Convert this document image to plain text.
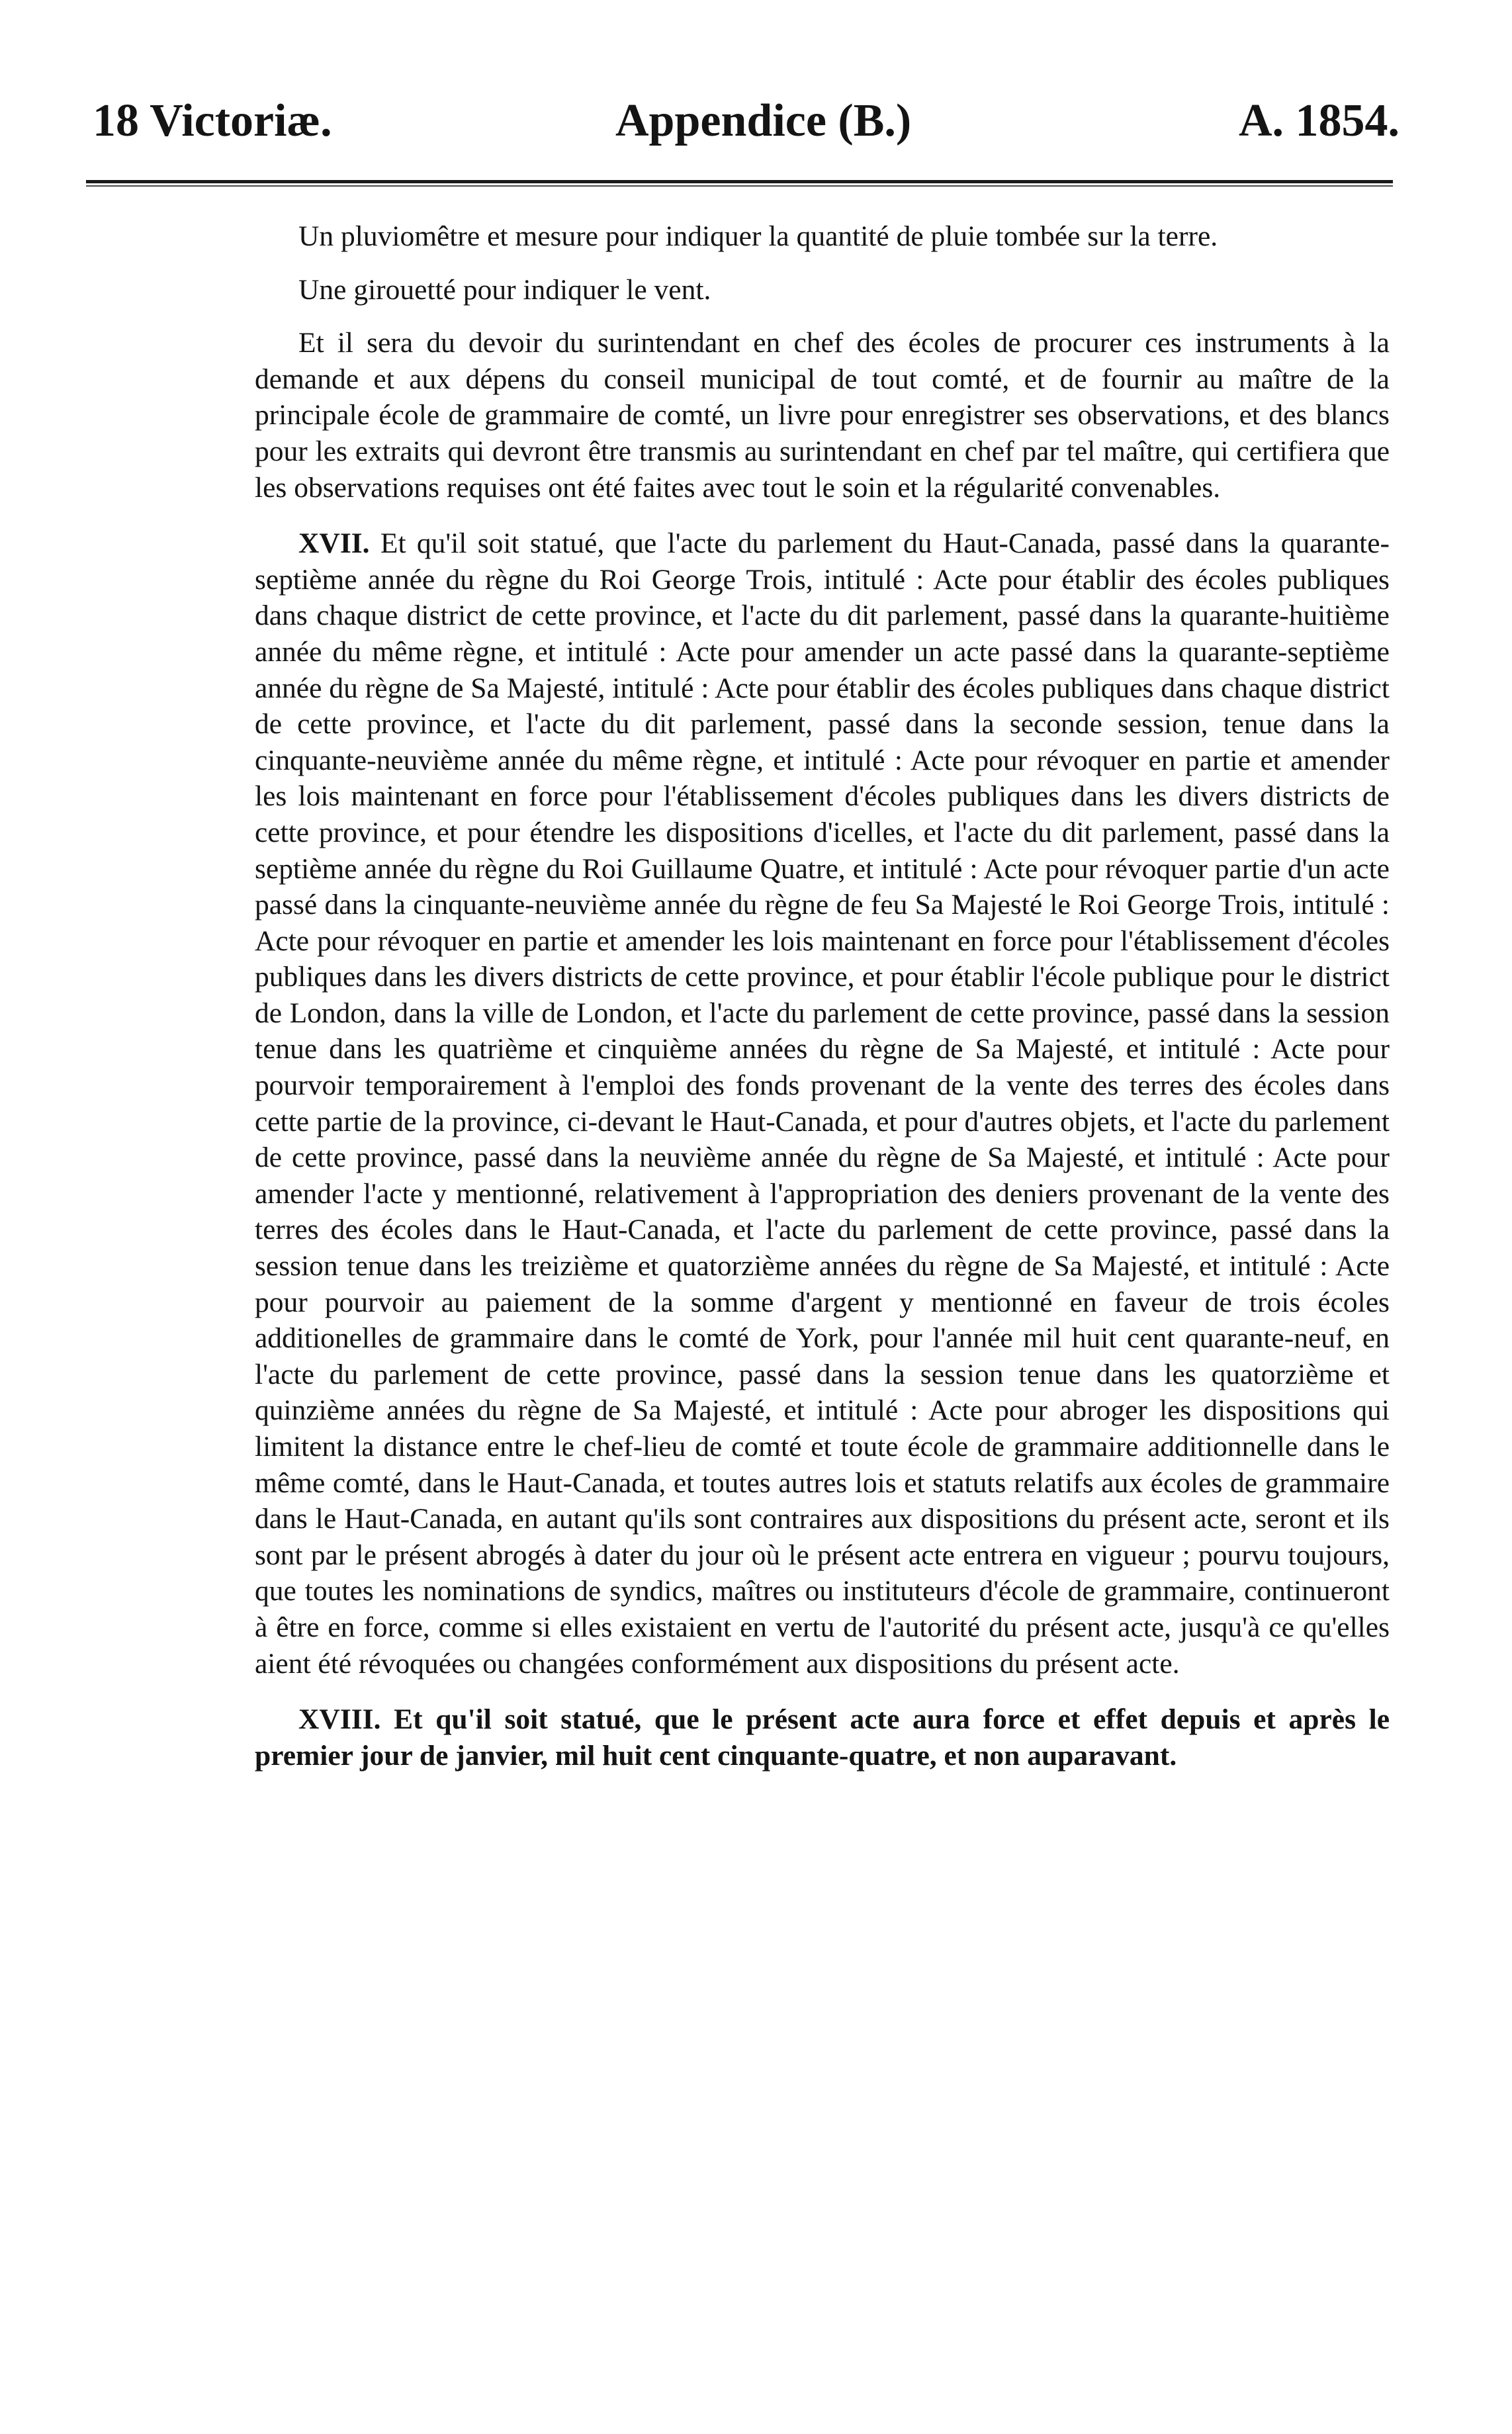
18 Victoriæ.	Appendice (B.)	A. 1854.

Un pluviomêtre et mesure pour indiquer la quantité de pluie tombée sur la terre.

Une girouetté pour indiquer le vent.

Et il sera du devoir du surintendant en chef des écoles de procurer ces instruments à la demande et aux dépens du conseil municipal de tout comté, et de fournir au maître de la principale école de grammaire de comté, un livre pour enregistrer ses observations, et des blancs pour les extraits qui devront être transmis au surintendant en chef par tel maître, qui certifiera que les observations requises ont été faites avec tout le soin et la régularité convenables.

XVII. Et qu'il soit statué, que l'acte du parlement du Haut-Canada, passé dans la quarante-septième année du règne du Roi George Trois, intitulé : Acte pour établir des écoles publiques dans chaque district de cette province, et l'acte du dit parlement, passé dans la quarante-huitième année du même règne, et intitulé : Acte pour amender un acte passé dans la quarante-septième année du règne de Sa Majesté, intitulé : Acte pour établir des écoles publiques dans chaque district de cette province, et l'acte du dit parlement, passé dans la seconde session, tenue dans la cinquante-neuvième année du même règne, et intitulé : Acte pour révoquer en partie et amender les lois maintenant en force pour l'établissement d'écoles publiques dans les divers districts de cette province, et pour étendre les dispositions d'icelles, et l'acte du dit parlement, passé dans la septième année du règne du Roi Guillaume Quatre, et intitulé : Acte pour révoquer partie d'un acte passé dans la cinquante-neuvième année du règne de feu Sa Majesté le Roi George Trois, intitulé : Acte pour révoquer en partie et amender les lois maintenant en force pour l'établissement d'écoles publiques dans les divers districts de cette province, et pour établir l'école publique pour le district de London, dans la ville de London, et l'acte du parlement de cette province, passé dans la session tenue dans les quatrième et cinquième années du règne de Sa Majesté, et intitulé : Acte pour pourvoir temporairement à l'emploi des fonds provenant de la vente des terres des écoles dans cette partie de la province, ci-devant le Haut-Canada, et pour d'autres objets, et l'acte du parlement de cette province, passé dans la neuvième année du règne de Sa Majesté, et intitulé : Acte pour amender l'acte y mentionné, relativement à l'appropriation des deniers provenant de la vente des terres des écoles dans le Haut-Canada, et l'acte du parlement de cette province, passé dans la session tenue dans les treizième et quatorzième années du règne de Sa Majesté, et intitulé : Acte pour pourvoir au paiement de la somme d'argent y mentionné en faveur de trois écoles additionelles de grammaire dans le comté de York, pour l'année mil huit cent quarante-neuf, en l'acte du parlement de cette province, passé dans la session tenue dans les quatorzième et quinzième années du règne de Sa Majesté, et intitulé : Acte pour abroger les dispositions qui limitent la distance entre le chef-lieu de comté et toute école de grammaire additionnelle dans le même comté, dans le Haut-Canada, et toutes autres lois et statuts relatifs aux écoles de grammaire dans le Haut-Canada, en autant qu'ils sont contraires aux dispositions du présent acte, seront et ils sont par le présent abrogés à dater du jour où le présent acte entrera en vigueur ; pourvu toujours, que toutes les nominations de syndics, maîtres ou instituteurs d'école de grammaire, continueront à être en force, comme si elles existaient en vertu de l'autorité du présent acte, jusqu'à ce qu'elles aient été révoquées ou changées conformément aux dispositions du présent acte.

XVIII. Et qu'il soit statué, que le présent acte aura force et effet depuis et après le premier jour de janvier, mil huit cent cinquante-quatre, et non auparavant.
